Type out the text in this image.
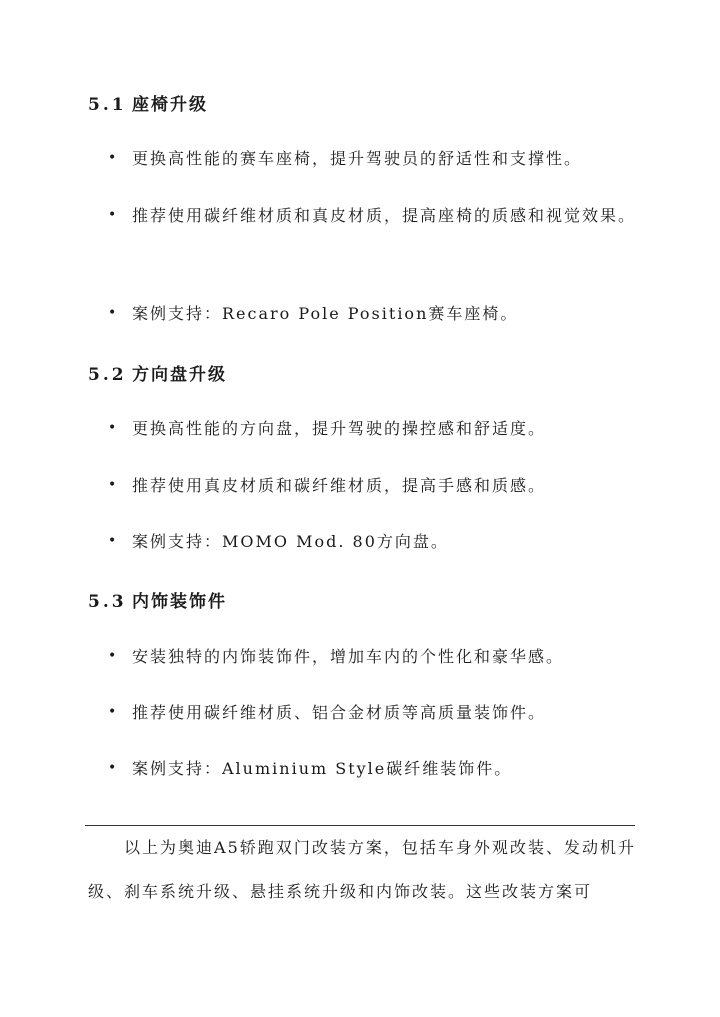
5.1 座椅升级
• 更换高性能的赛车座椅，提升驾驶员的舒适性和支撑性。
• 推荐使用碳纤维材质和真皮材质，提高座椅的质感和视觉效果。
• 案例支持：Recaro Pole Position赛车座椅。
5.2 方向盘升级
• 更换高性能的方向盘，提升驾驶的操控感和舒适度。
• 推荐使用真皮材质和碳纤维材质，提高手感和质感。
• 案例支持：MOMO Mod. 80方向盘。
5.3 内饰装饰件
• 安装独特的内饰装饰件，增加车内的个性化和豪华感。
• 推荐使用碳纤维材质、铝合金材质等高质量装饰件。
• 案例支持：Aluminium Style碳纤维装饰件。

以上为奥迪A5轿跑双门改装方案，包括车身外观改装、发动机升级、刹车系统升级、悬挂系统升级和内饰改装。这些改装方案可
